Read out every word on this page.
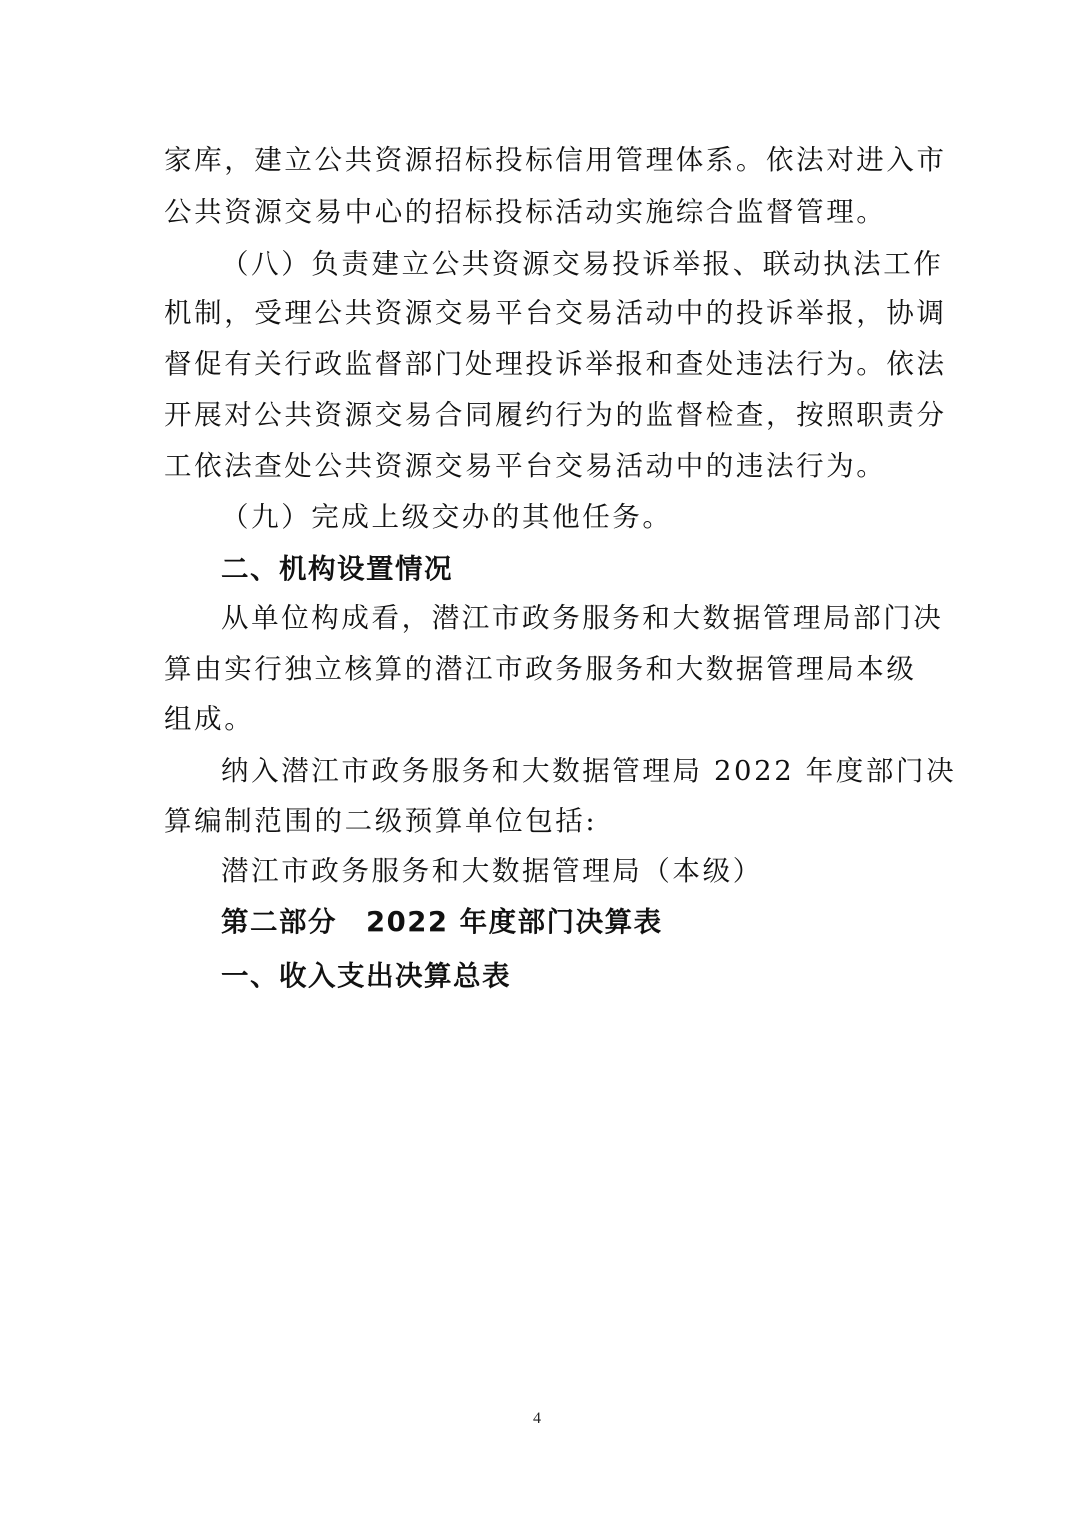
家库，建立公共资源招标投标信用管理体系。依法对进入市
公共资源交易中心的招标投标活动实施综合监督管理。
（八）负责建立公共资源交易投诉举报、联动执法工作
机制，受理公共资源交易平台交易活动中的投诉举报，协调
督促有关行政监督部门处理投诉举报和查处违法行为。依法
开展对公共资源交易合同履约行为的监督检查，按照职责分
工依法查处公共资源交易平台交易活动中的违法行为。
（九）完成上级交办的其他任务。
二、机构设置情况
从单位构成看，潜江市政务服务和大数据管理局部门决
算由实行独立核算的潜江市政务服务和大数据管理局本级
组成。
纳入潜江市政务服务和大数据管理局 2022 年度部门决
算编制范围的二级预算单位包括:
潜江市政务服务和大数据管理局（本级）
第二部分　2022 年度部门决算表
一、收入支出决算总表
4
